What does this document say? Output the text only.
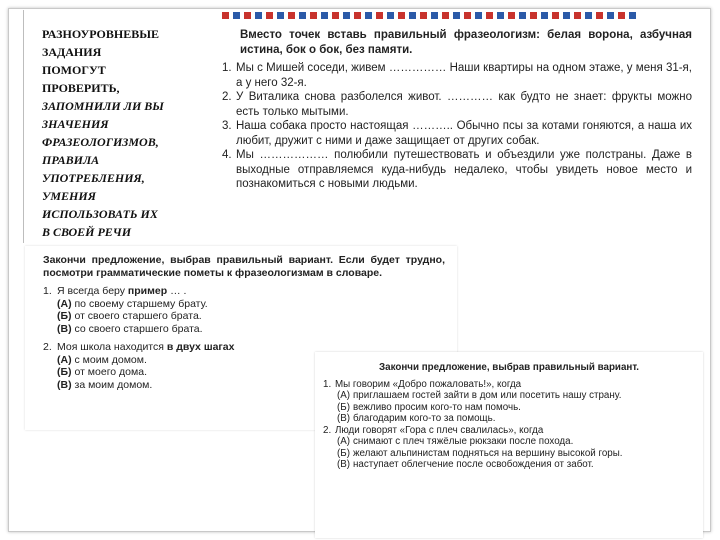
РАЗНОУРОВНЕВЫЕ
ЗАДАНИЯ
ПОМОГУТ
ПРОВЕРИТЬ,
ЗАПОМНИЛИ ЛИ ВЫ
ЗНАЧЕНИЯ
ФРАЗЕОЛОГИЗМОВ,
ПРАВИЛА
УПОТРЕБЛЕНИЯ,
УМЕНИЯ
ИСПОЛЬЗОВАТЬ ИХ
В СВОЕЙ РЕЧИ
Вместо точек вставь правильный фразеологизм: белая ворона, азбучная истина, бок о бок, без памяти.
1. Мы с Мишей соседи, живем …………… Наши квартиры на одном этаже, у меня 31-я, а у него 32-я.
2. У Виталика снова разболелся живот. ………… как будто не знает: фрукты можно есть только мытыми.
3. Наша собака просто настоящая ……….. Обычно псы за котами гоняются, а наша их любит, дружит с ними и даже защищает от других собак.
4. Мы ……………… полюбили путешествовать и объездили уже полстраны. Даже в выходные отправляемся куда-нибудь недалеко, чтобы увидеть новое место и познакомиться с новыми людьми.
Закончи предложение, выбрав правильный вариант. Если будет трудно, посмотри грамматические пометы к фразеологизмам в словаре.
1. Я всегда беру пример … .
(А) по своему старшему брату.
(Б) от своего старшего брата.
(В) со своего старшего брата.
2. Моя школа находится в двух шагах
(А) с моим домом.
(Б) от моего дома.
(В) за моим домом.
Закончи предложение, выбрав правильный вариант.
1. Мы говорим «Добро пожаловать!», когда
(А) приглашаем гостей зайти в дом или посетить нашу страну.
(Б) вежливо просим кого-то нам помочь.
(В) благодарим кого-то за помощь.
2. Люди говорят «Гора с плеч свалилась», когда
(А) снимают с плеч тяжёлые рюкзаки после похода.
(Б) желают альпинистам подняться на вершину высокой горы.
(В) наступает облегчение после освобождения от забот.
